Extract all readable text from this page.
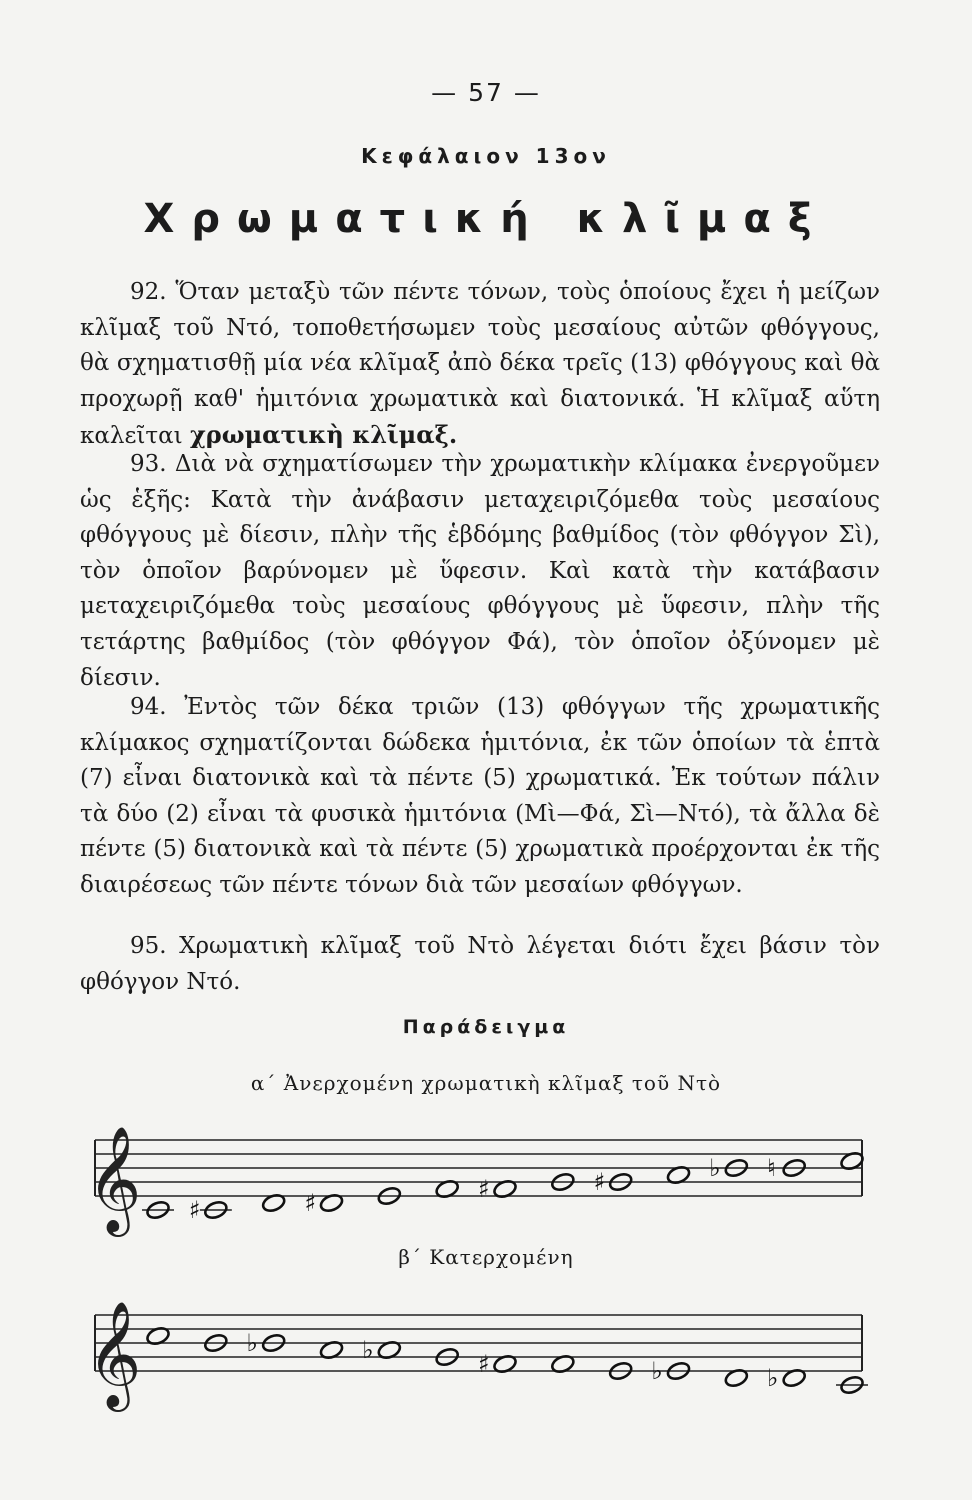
— 57 —
Κεφάλαιον 13ον
Χρωματική κλῖμαξ

92. Ὅταν μεταξὺ τῶν πέντε τόνων, τοὺς ὁποίους ἔχει ἡ μείζων κλῖμαξ τοῦ Ντό, τοποθετήσωμεν τοὺς μεσαίους αὐτῶν φθόγγους, θὰ σχηματισθῇ μία νέα κλῖμαξ ἀπὸ δέκα τρεῖς (13) φθόγγους καὶ θὰ προχωρῇ καθ' ἡμιτόνια χρωματικὰ καὶ διατονικά. Ἡ κλῖμαξ αὕτη καλεῖται χρωματικὴ κλῖμαξ.

93. Διὰ νὰ σχηματίσωμεν τὴν χρωματικὴν κλίμακα ἐνεργοῦμεν ὡς ἑξῆς: Κατὰ τὴν ἀνάβασιν μεταχειριζόμεθα τοὺς μεσαίους φθόγγους μὲ δίεσιν, πλὴν τῆς ἑβδόμης βαθμίδος (τὸν φθόγγον Σὶ), τὸν ὁποῖον βαρύνομεν μὲ ὕφεσιν. Καὶ κατὰ τὴν κατάβασιν μεταχειριζόμεθα τοὺς μεσαίους φθόγγους μὲ ὕφεσιν, πλὴν τῆς τετάρτης βαθμίδος (τὸν φθόγγον Φά), τὸν ὁποῖον ὀξύνομεν μὲ δίεσιν.

94. Ἐντὸς τῶν δέκα τριῶν (13) φθόγγων τῆς χρωματικῆς κλίμακος σχηματίζονται δώδεκα ἡμιτόνια, ἐκ τῶν ὁποίων τὰ ἑπτὰ (7) εἶναι διατονικὰ καὶ τὰ πέντε (5) χρωματικά. Ἐκ τούτων πάλιν τὰ δύο (2) εἶναι τὰ φυσικὰ ἡμιτόνια (Μὶ—Φά, Σὶ—Ντό), τὰ ἄλλα δὲ πέντε (5) διατονικὰ καὶ τὰ πέντε (5) χρωματικὰ προέρχονται ἐκ τῆς διαιρέσεως τῶν πέντε τόνων διὰ τῶν μεσαίων φθόγγων.

95. Χρωματικὴ κλῖμαξ τοῦ Ντὸ λέγεται διότι ἔχει βάσιν τὸν φθόγγον Ντό.

Παράδειγμα
α΄ Ἀνερχομένη χρωματικὴ κλῖμαξ τοῦ Ντὸ
𝄞 ♯	♯	♯	♯	♭ ♮
β΄ Κατερχομένη
𝄞	♭	♭	♯	♭	♭
